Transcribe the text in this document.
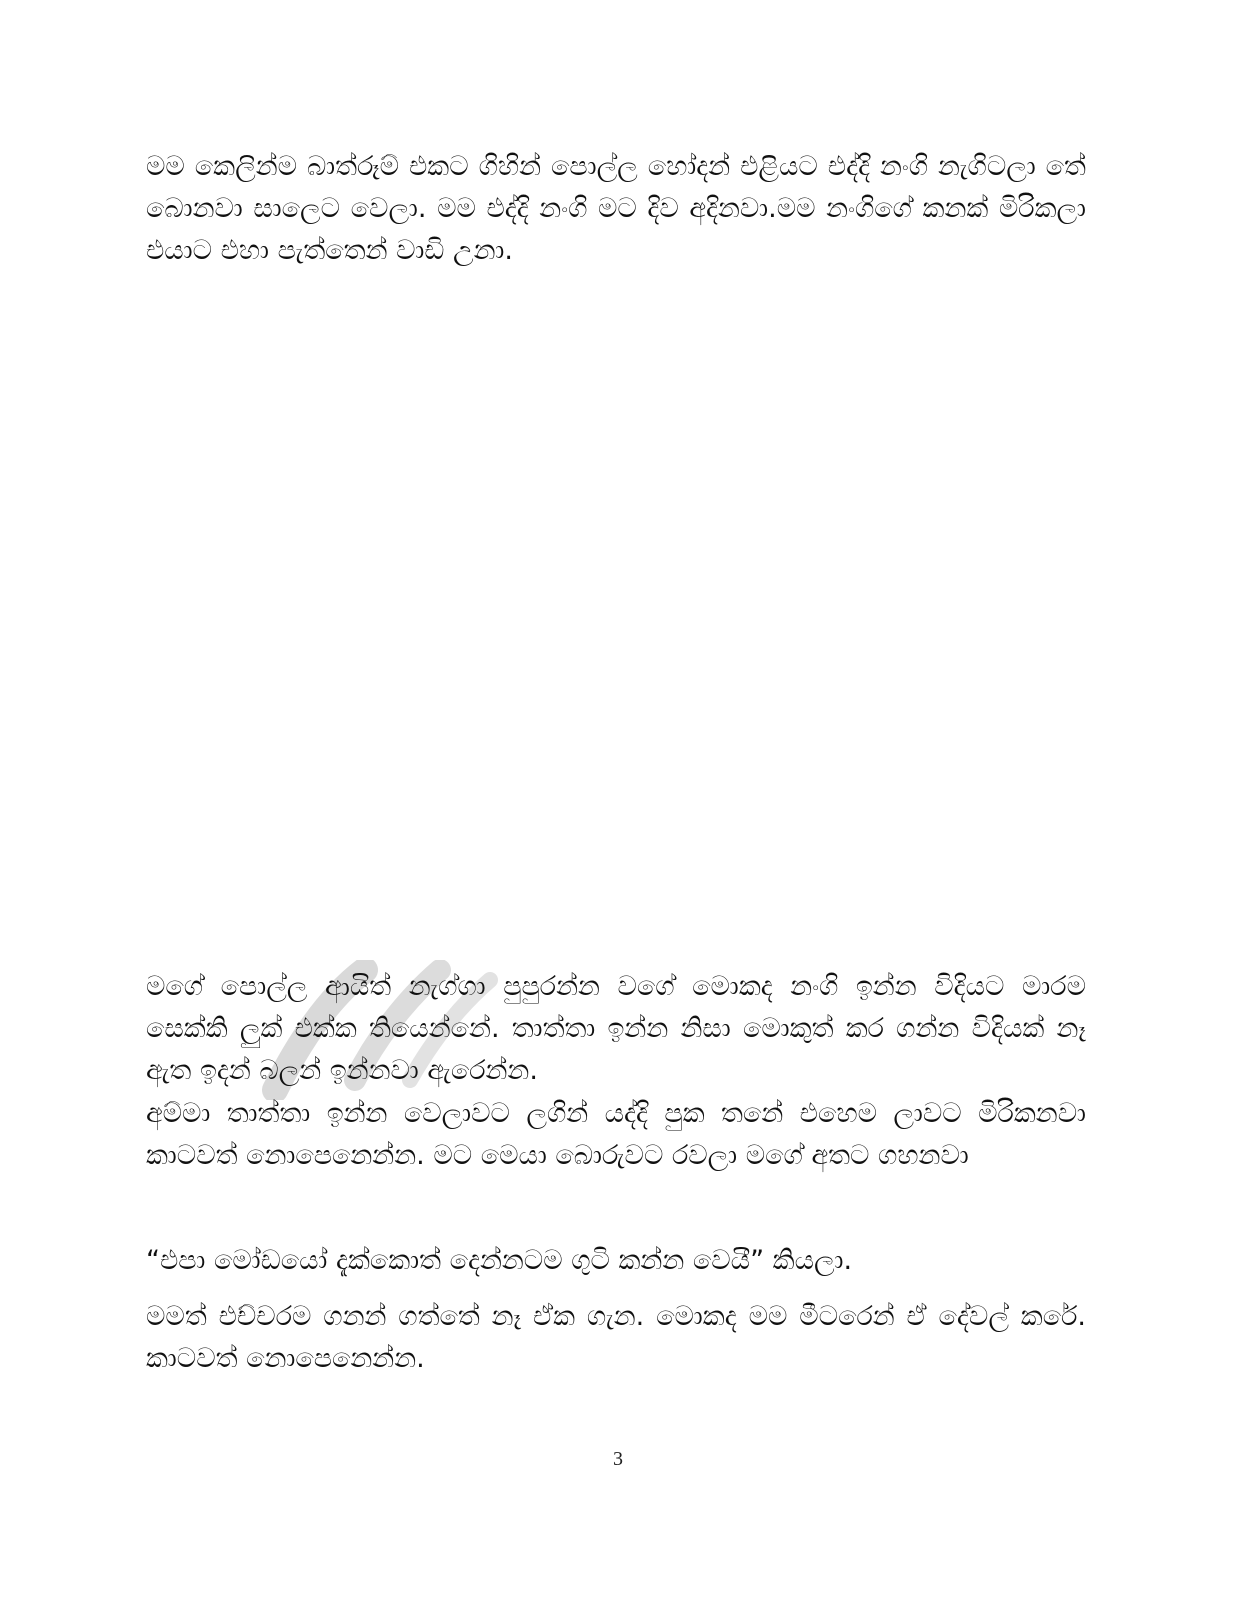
මම කෙලින්ම බාත්රූම් එකට ගිහින් පොල්ල හෝදන් එළියට එද්දි නංගි නැගිටලා තේ බොනවා සාලෙට වෙලා. මම එද්දි නංගි මට දිව අදිනවා.මම නංගිගේ කනක් මිරිකලා එයාට එහා පැත්තෙන් වාඩි උනා.

මගේ පොල්ල ආයිත් නැග්ගා පුපුරන්න වගේ මොකද නංගි ඉන්න විදියට මාරම සෙක්කි ලුක් එක්ක තියෙන්නේ. තාත්තා ඉන්න නිසා මොකුත් කර ගන්න විදියක් නෑ ඇත ඉදන් බලන් ඉන්නවා ඇරෙන්න.

අම්මා තාත්තා ඉන්න වෙලාවට ලගින් යද්දි පුක තනේ එහෙම ලාවට මිරිකනවා කාටවත් නොපෙනෙන්න. මට මෙයා බොරුවට රවලා මගේ අතට ගහනවා

“එපා මෝඩයෝ දැක්කොත් දෙන්නටම ගුටි කන්න වෙයී” කියලා.

මමත් එච්චරම ගනන් ගත්තේ නෑ ඒක ගැන. මොකද මම මීටරෙන් ඒ දේවල් කරේ. කාටවත් නොපෙනෙන්න.

3
